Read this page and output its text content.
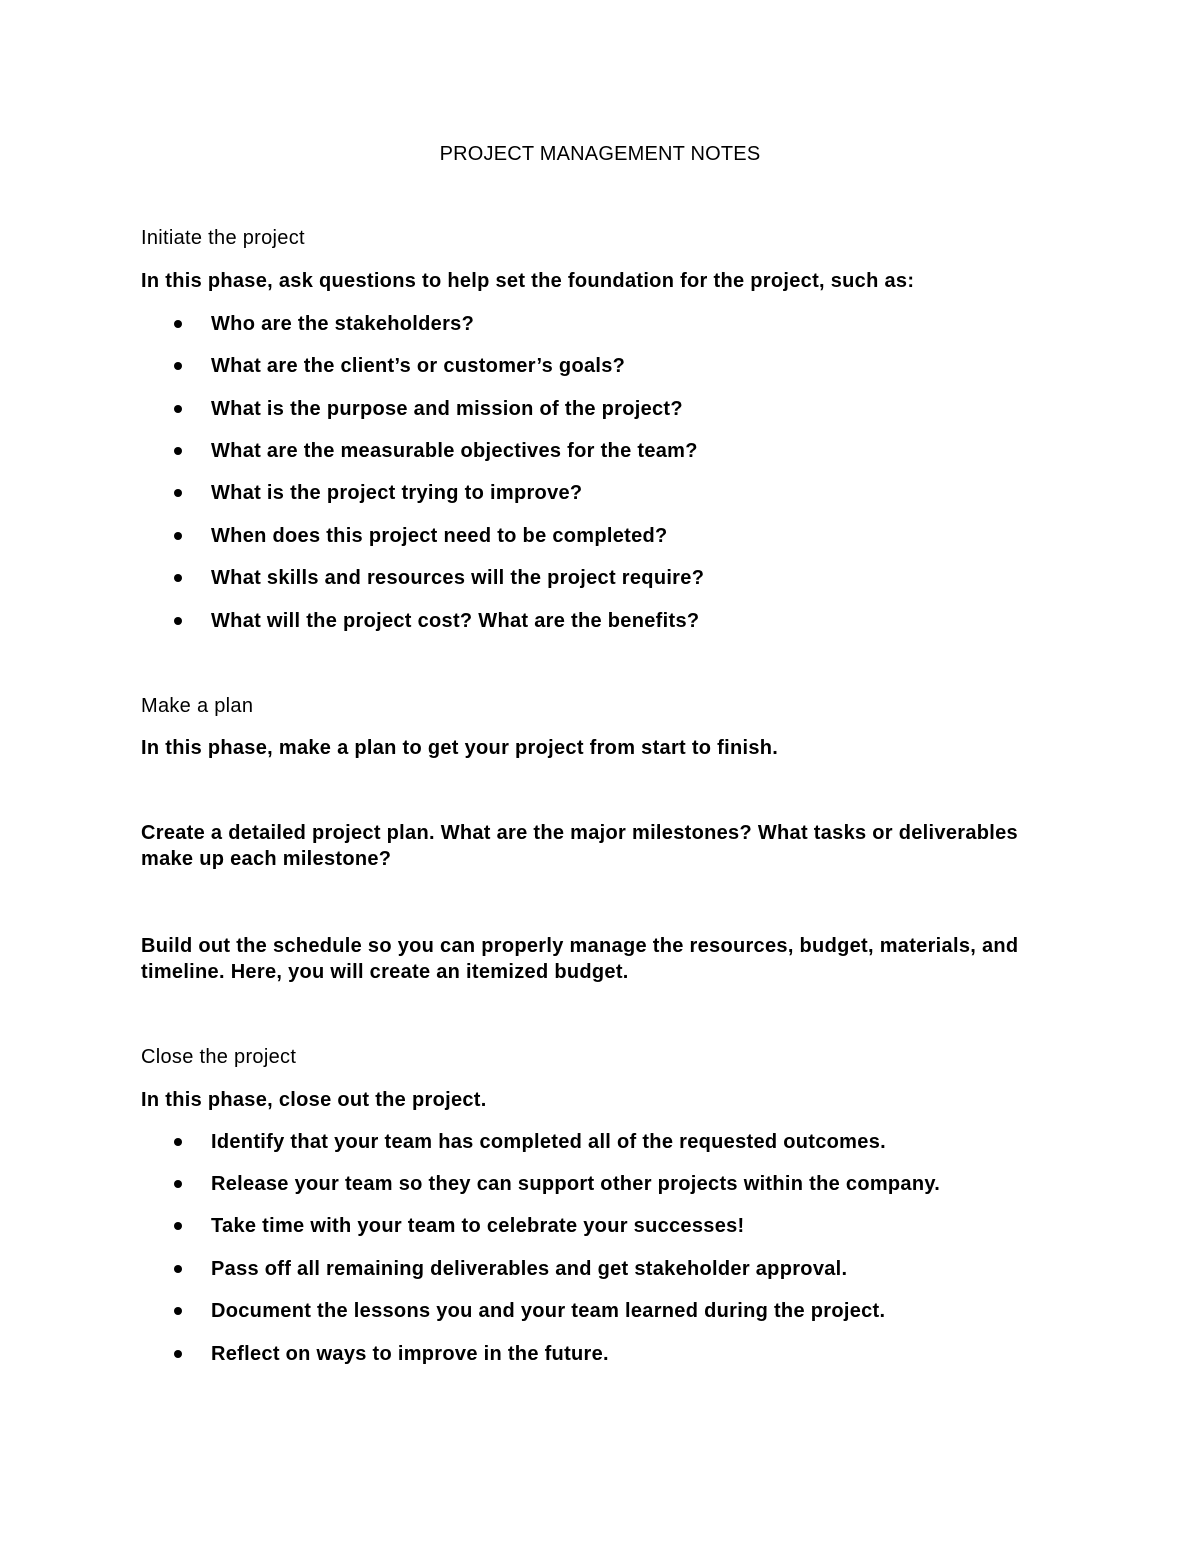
PROJECT MANAGEMENT NOTES
Initiate the project
In this phase, ask questions to help set the foundation for the project, such as:
Who are the stakeholders?
What are the client’s or customer’s goals?
What is the purpose and mission of the project?
What are the measurable objectives for the team?
What is the project trying to improve?
When does this project need to be completed?
What skills and resources will the project require?
What will the project cost? What are the benefits?
Make a plan
In this phase, make a plan to get your project from start to finish.
Create a detailed project plan. What are the major milestones? What tasks or deliverables make up each milestone?
Build out the schedule so you can properly manage the resources, budget, materials, and timeline. Here, you will create an itemized budget.
Close the project
In this phase, close out the project.
Identify that your team has completed all of the requested outcomes.
Release your team so they can support other projects within the company.
Take time with your team to celebrate your successes!
Pass off all remaining deliverables and get stakeholder approval.
Document the lessons you and your team learned during the project.
Reflect on ways to improve in the future.
